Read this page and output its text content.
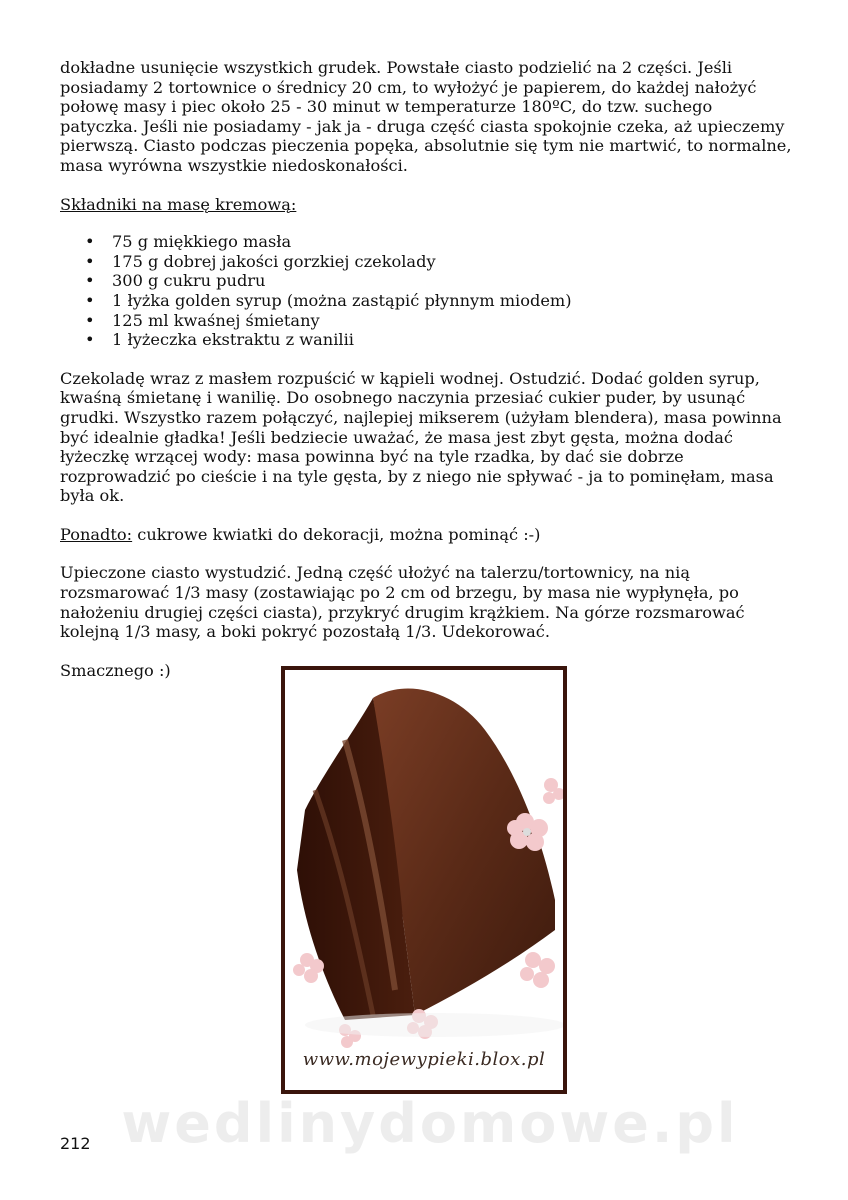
dokładne usunięcie wszystkich grudek. Powstałe ciasto podzielić na 2 części. Jeśli posiadamy 2 tortownice o średnicy 20 cm, to wyłożyć je papierem, do każdej nałożyć połowę masy i piec około 25 - 30 minut w temperaturze 180ºC, do tzw. suchego patyczka. Jeśli nie posiadamy - jak ja - druga część ciasta spokojnie czeka, aż upieczemy pierwszą. Ciasto podczas pieczenia popęka, absolutnie się tym nie martwić, to normalne, masa wyrówna wszystkie niedoskonałości.

Składniki na masę kremową:

• 75 g miękkiego masła
• 175 g dobrej jakości gorzkiej czekolady
• 300 g cukru pudru
• 1 łyżka golden syrup (można zastąpić płynnym miodem)
• 125 ml kwaśnej śmietany
• 1 łyżeczka ekstraktu z wanilii

Czekoladę wraz z masłem rozpuścić w kąpieli wodnej. Ostudzić. Dodać golden syrup, kwaśną śmietanę i wanilię. Do osobnego naczynia przesiać cukier puder, by usunąć grudki. Wszystko razem połączyć, najlepiej mikserem (użyłam blendera), masa powinna być idealnie gładka! Jeśli bedziecie uważać, że masa jest zbyt gęsta, można dodać łyżeczkę wrzącej wody: masa powinna być na tyle rzadka, by dać sie dobrze rozprowadzić po cieście i na tyle gęsta, by z niego nie spływać - ja to pominęłam, masa była ok.

Ponadto: cukrowe kwiatki do dekoracji, można pominąć :-)

Upieczone ciasto wystudzić. Jedną część ułożyć na talerzu/tortownicy, na nią rozsmarować 1/3 masy (zostawiając po 2 cm od brzegu, by masa nie wypłynęła, po nałożeniu drugiej części ciasta), przykryć drugim krążkiem. Na górze rozsmarować kolejną 1/3 masy, a boki pokryć pozostałą 1/3. Udekorować.

Smacznego :)

www.mojewypieki.blox.pl
wedlinydomowe.pl
212
